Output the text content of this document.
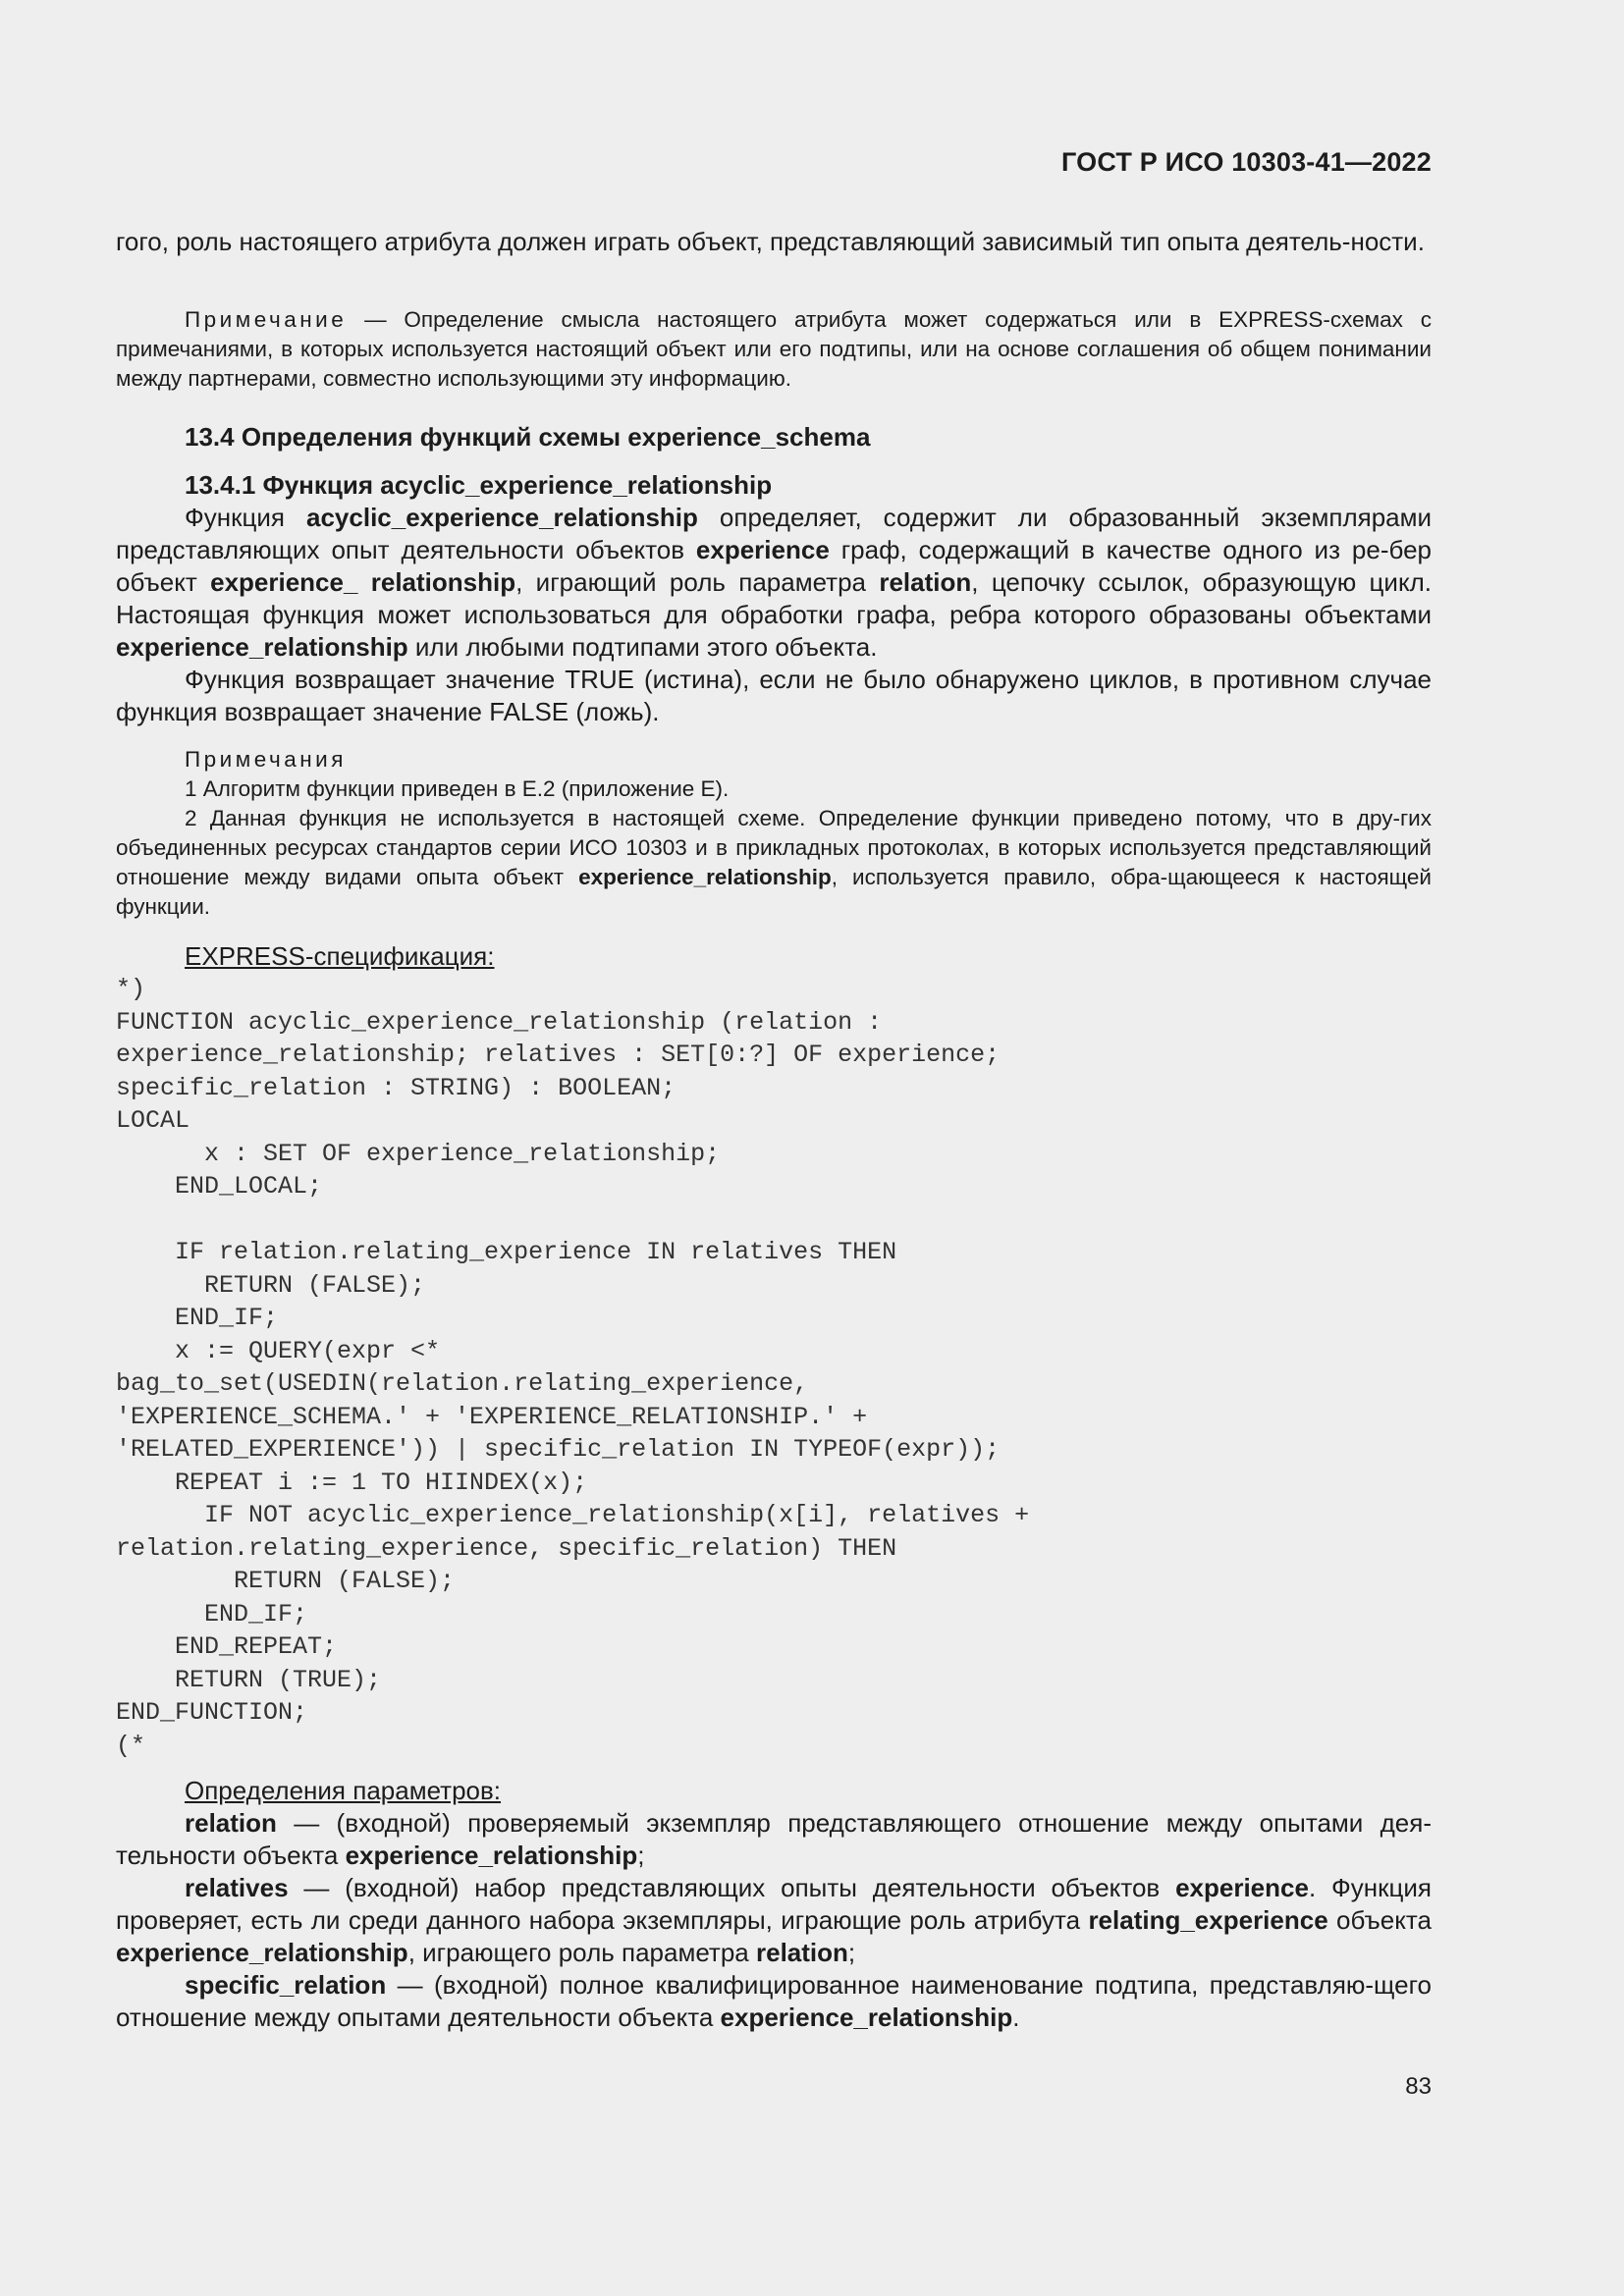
ГОСТ Р ИСО 10303-41—2022

гого, роль настоящего атрибута должен играть объект, представляющий зависимый тип опыта деятель-ности.

Примечание — Определение смысла настоящего атрибута может содержаться или в EXPRESS-схемах с примечаниями, в которых используется настоящий объект или его подтипы, или на основе соглашения об общем понимании между партнерами, совместно использующими эту информацию.

13.4 Определения функций схемы experience_schema

13.4.1 Функция acyclic_experience_relationship

Функция acyclic_experience_relationship определяет, содержит ли образованный экземплярами представляющих опыт деятельности объектов experience граф, содержащий в качестве одного из ре-бер объект experience_ relationship, играющий роль параметра relation, цепочку ссылок, образующую цикл. Настоящая функция может использоваться для обработки графа, ребра которого образованы объектами experience_relationship или любыми подтипами этого объекта.

Функция возвращает значение TRUE (истина), если не было обнаружено циклов, в противном случае функция возвращает значение FALSE (ложь).

Примечания

1 Алгоритм функции приведен в Е.2 (приложение Е).

2 Данная функция не используется в настоящей схеме. Определение функции приведено потому, что в дру-гих объединенных ресурсах стандартов серии ИСО 10303 и в прикладных протоколах, в которых используется представляющий отношение между видами опыта объект experience_relationship, используется правило, обра-щающееся к настоящей функции.

EXPRESS-спецификация:

*)
FUNCTION acyclic_experience_relationship (relation :
experience_relationship; relatives : SET[0:?] OF experience;
specific_relation : STRING) : BOOLEAN;
LOCAL
x : SET OF experience_relationship;
END_LOCAL;

IF relation.relating_experience IN relatives THEN
RETURN (FALSE);
END_IF;
x := QUERY(expr <*
bag_to_set(USEDIN(relation.relating_experience,
'EXPERIENCE_SCHEMA.' + 'EXPERIENCE_RELATIONSHIP.' +
'RELATED_EXPERIENCE')) | specific_relation IN TYPEOF(expr));
REPEAT i := 1 TO HIINDEX(x);
IF NOT acyclic_experience_relationship(x[i], relatives +
relation.relating_experience, specific_relation) THEN
RETURN (FALSE);
END_IF;
END_REPEAT;
RETURN (TRUE);
END_FUNCTION;
(*

Определения параметров:

relation — (входной) проверяемый экземпляр представляющего отношение между опытами дея-тельности объекта experience_relationship;

relatives — (входной) набор представляющих опыты деятельности объектов experience. Функция проверяет, есть ли среди данного набора экземпляры, играющие роль атрибута relating_experience объекта experience_relationship, играющего роль параметра relation;

specific_relation — (входной) полное квалифицированное наименование подтипа, представляю-щего отношение между опытами деятельности объекта experience_relationship.

83
